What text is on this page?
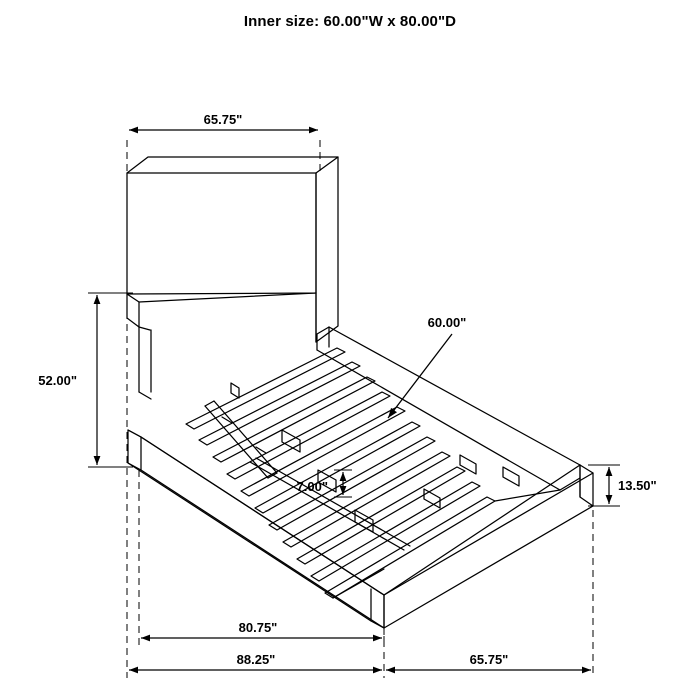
Inner size: 60.00"W x 80.00"D
65.75"
52.00"
60.00"
7.00"	13.50"
80.75"
88.25"	65.75"
